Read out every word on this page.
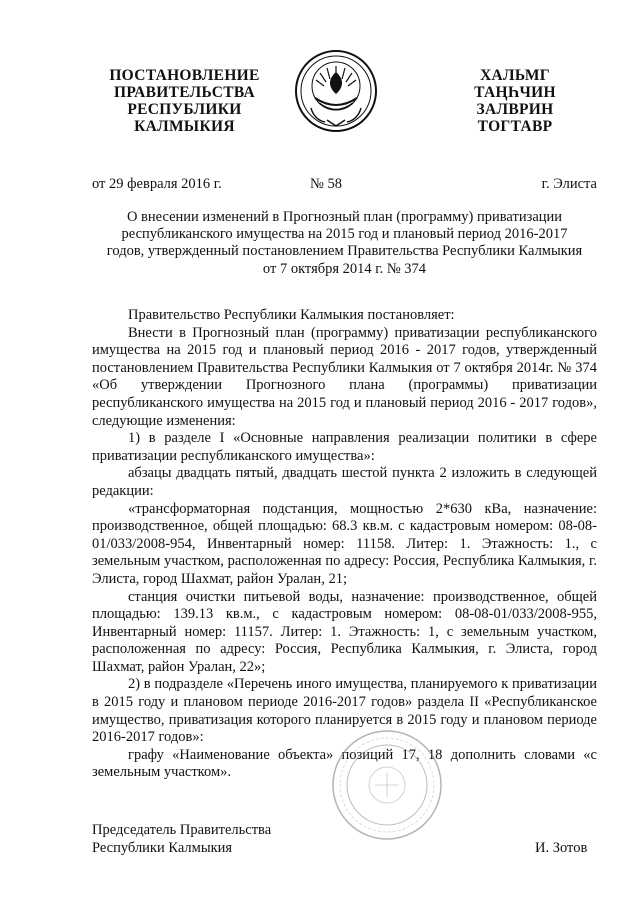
ПОСТАНОВЛЕНИЕ
ПРАВИТЕЛЬСТВА
РЕСПУБЛИКИ
КАЛМЫКИЯ
ХАЛЬМГ
ТАҢҺЧИН
ЗАЛВРИН
ТОГТАВР
от 29 февраля 2016 г.	№ 58	г. Элиста
О внесении изменений в Прогнозный план (программу) приватизации
республиканского имущества на 2015 год и плановый период 2016-2017
годов, утвержденный постановлением Правительства Республики Калмыкия
от 7 октября 2014 г. № 374

Правительство Республики Калмыкия постановляет:

Внести в Прогнозный план (программу) приватизации республиканского имущества на 2015 год и плановый период 2016 - 2017 годов, утвержденный постановлением Правительства Республики Калмыкия от 7 октября 2014г. № 374 «Об утверждении Прогнозного плана (программы) приватизации республиканского имущества на 2015 год и плановый период 2016 - 2017 годов», следующие изменения:

1) в разделе I «Основные направления реализации политики в сфере приватизации республиканского имущества»:

абзацы двадцать пятый, двадцать шестой пункта 2 изложить в следующей редакции:

«трансформаторная подстанция, мощностью 2*630 кВа, назначение: производственное, общей площадью: 68.3 кв.м. с кадастровым номером: 08-08-01/033/2008-954, Инвентарный номер: 11158. Литер: 1. Этажность: 1., с земельным участком, расположенная по адресу: Россия, Республика Калмыкия, г. Элиста, город Шахмат, район Уралан, 21;

станция очистки питьевой воды, назначение: производственное, общей площадью: 139.13 кв.м., с кадастровым номером: 08-08-01/033/2008-955, Инвентарный номер: 11157. Литер: 1. Этажность: 1, с земельным участком, расположенная по адресу: Россия, Республика Калмыкия, г. Элиста, город Шахмат, район Уралан, 22»;

2) в подразделе «Перечень иного имущества, планируемого к приватизации в 2015 году и плановом периоде 2016-2017 годов» раздела II «Республиканское имущество, приватизация которого планируется в 2015 году и плановом периоде 2016-2017 годов»:

графу «Наименование объекта» позиций 17, 18 дополнить словами «с земельным участком».

Председатель Правительства
Республики Калмыкия	И. Зотов
